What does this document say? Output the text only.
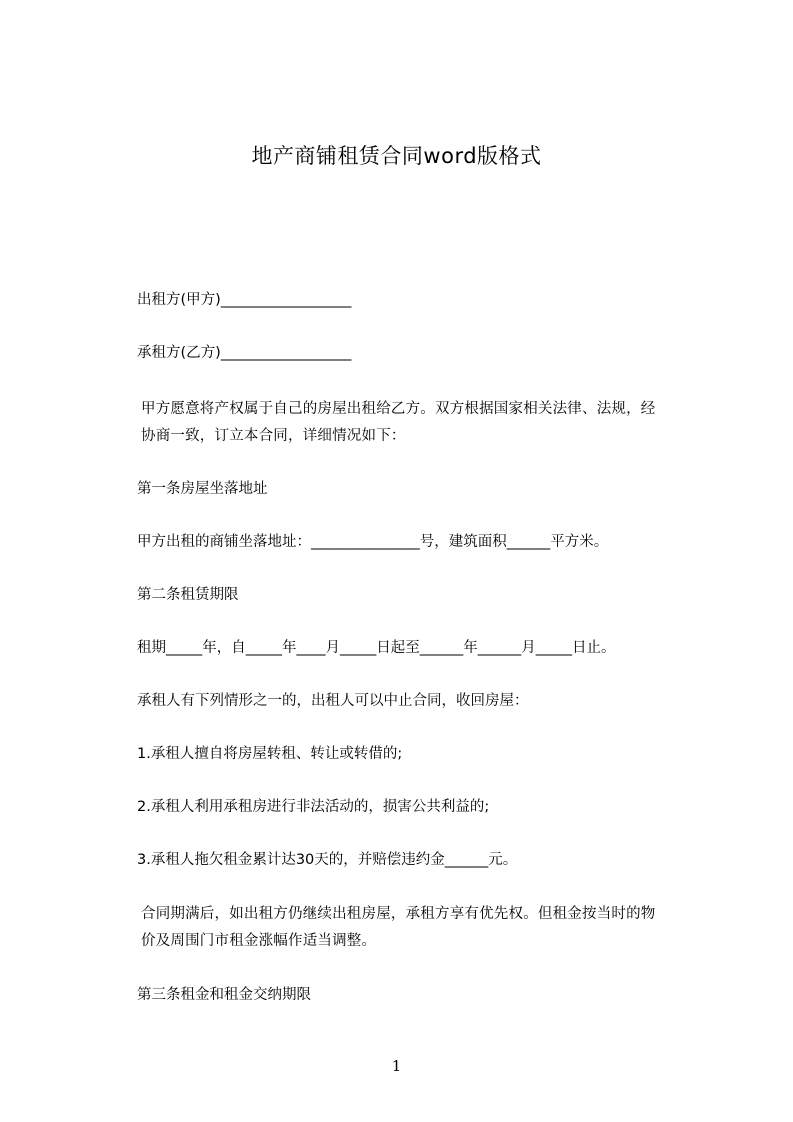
地产商铺租赁合同word版格式
出租方(甲方)__________________
承租方(乙方)__________________
甲方愿意将产权属于自己的房屋出租给乙方。双方根据国家相关法律、法规，经
协商一致，订立本合同，详细情况如下：
第一条房屋坐落地址
甲方出租的商铺坐落地址：_______________号，建筑面积______平方米。
第二条租赁期限
租期_____年，自_____年____月_____日起至______年______月_____日止。
承租人有下列情形之一的，出租人可以中止合同，收回房屋：
1.承租人擅自将房屋转租、转让或转借的;
2.承租人利用承租房进行非法活动的，损害公共利益的;
3.承租人拖欠租金累计达30天的，并赔偿违约金______元。
合同期满后，如出租方仍继续出租房屋，承租方享有优先权。但租金按当时的物
价及周围门市租金涨幅作适当调整。
第三条租金和租金交纳期限
1
